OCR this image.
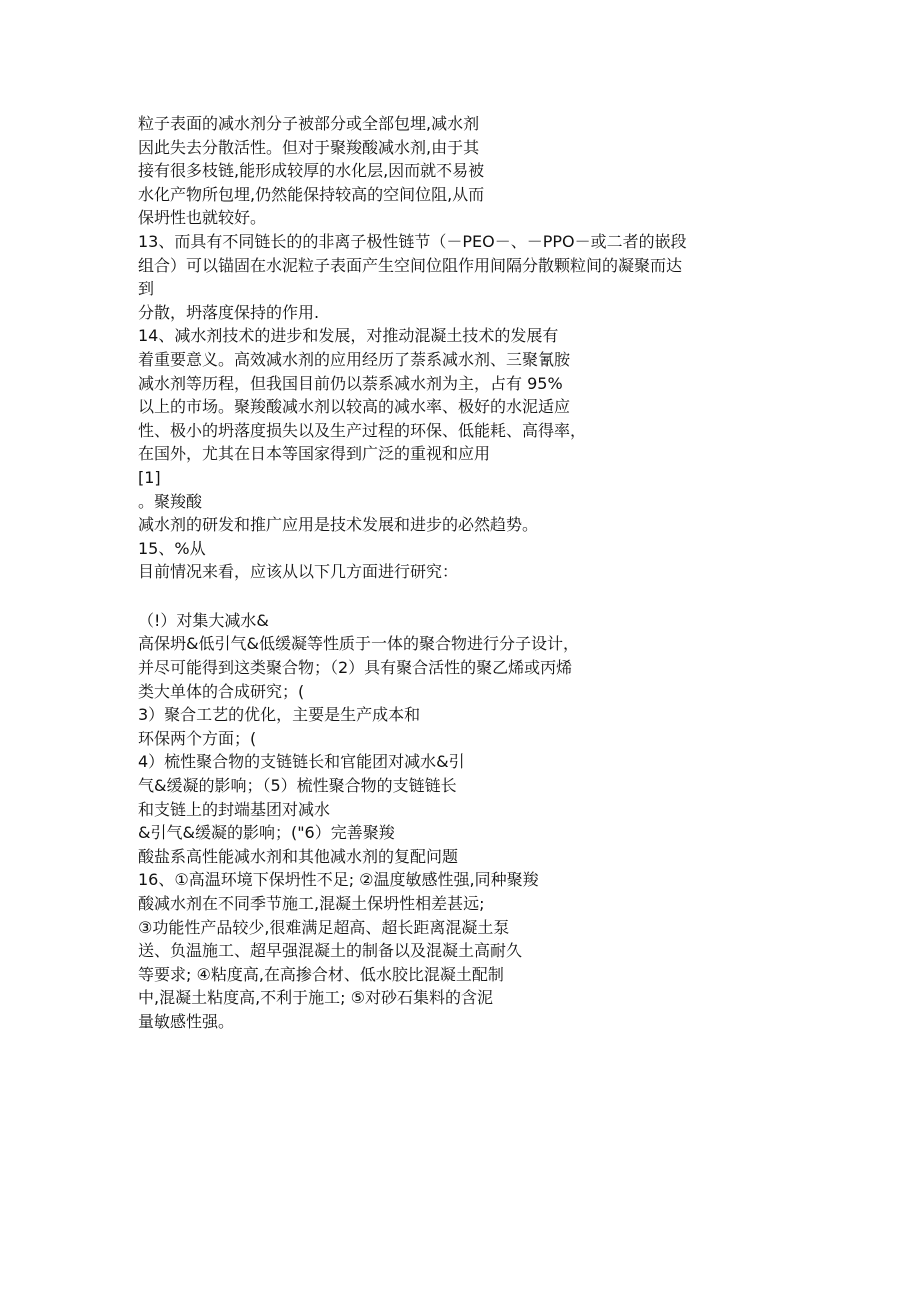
粒子表面的减水剂分子被部分或全部包埋,减水剂
因此失去分散活性。但对于聚羧酸减水剂,由于其
接有很多枝链,能形成较厚的水化层,因而就不易被
水化产物所包埋,仍然能保持较高的空间位阻,从而
保坍性也就较好。
13、而具有不同链长的的非离子极性链节（－PEO－、－PPO－或二者的嵌段
组合）可以锚固在水泥粒子表面产生空间位阻作用间隔分散颗粒间的凝聚而达
到
分散，坍落度保持的作用.
14、减水剂技术的进步和发展，对推动混凝土技术的发展有
着重要意义。高效减水剂的应用经历了萘系减水剂、三聚氰胺
减水剂等历程，但我国目前仍以萘系减水剂为主，占有 95%
以上的市场。聚羧酸减水剂以较高的减水率、极好的水泥适应
性、极小的坍落度损失以及生产过程的环保、低能耗、高得率，
在国外，尤其在日本等国家得到广泛的重视和应用
[1]
。聚羧酸
减水剂的研发和推广应用是技术发展和进步的必然趋势。
15、%从
目前情况来看，应该从以下几方面进行研究：
（!）对集大减水&
高保坍&低引气&低缓凝等性质于一体的聚合物进行分子设计，
并尽可能得到这类聚合物；（2）具有聚合活性的聚乙烯或丙烯
类大单体的合成研究；(
3）聚合工艺的优化，主要是生产成本和
环保两个方面；(
4）梳性聚合物的支链链长和官能团对减水&引
气&缓凝的影响；（5）梳性聚合物的支链链长
和支链上的封端基团对减水
&引气&缓凝的影响；("6）完善聚羧
酸盐系高性能减水剂和其他减水剂的复配问题
16、①高温环境下保坍性不足; ②温度敏感性强,同种聚羧
酸减水剂在不同季节施工,混凝土保坍性相差甚远;
③功能性产品较少,很难满足超高、超长距离混凝土泵
送、负温施工、超早强混凝土的制备以及混凝土高耐久
等要求; ④粘度高,在高掺合材、低水胶比混凝土配制
中,混凝土粘度高,不利于施工; ⑤对砂石集料的含泥
量敏感性强。
